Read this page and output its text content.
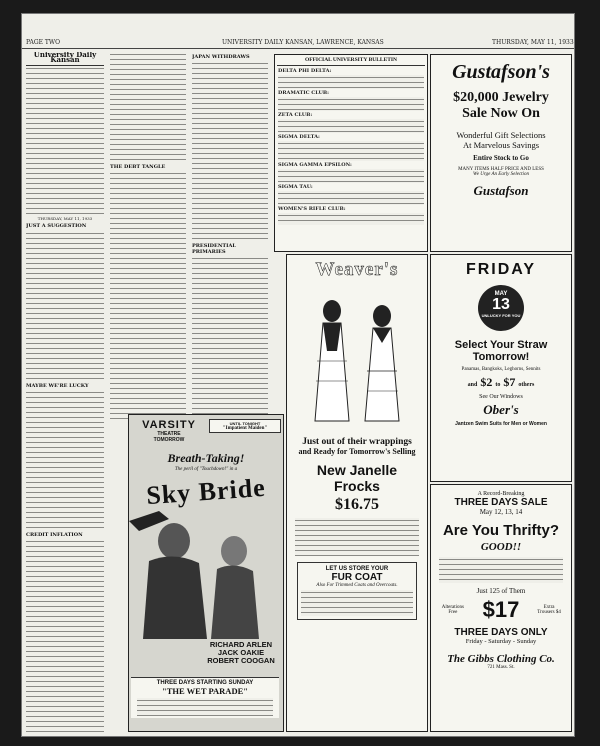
PAGE TWO	UNIVERSITY DAILY KANSAN, LAWRENCE, KANSAS	THURSDAY, MAY 11, 1933
University Daily Kansan
THURSDAY, MAY 11, 1933
JUST A SUGGESTION
MAYBE WE'RE LUCKY
CREDIT INFLATION
THE DEBT TANGLE
JAPAN WITHDRAWS
PRESIDENTIAL PRIMARIES
OFFICIAL UNIVERSITY BULLETIN
DELTA PHI DELTA:
DRAMATIC CLUB:
ZETA CLUB:
SIGMA DELTA:
SIGMA GAMMA EPSILON:
SIGMA TAU:
WOMEN'S RIFLE CLUB:
Gustafson's
$20,000 Jewelry
Sale Now On
Wonderful Gift Selections
At Marvelous Savings
Entire Stock to Go
MANY ITEMS HALF PRICE AND LESS
We Urge An Early Selection
Gustafson
Weaver's
Just out of their wrappings
and Ready for Tomorrow's Selling
New Janelle
Frocks
$16.75
LET US STORE YOUR
FUR COAT
Also For Trimmed Coats and Overcoats.
FRIDAY
MAY
13
UNLUCKY FOR YOU
Select Your Straw
Tomorrow!
Panamas, Bangkoks, Leghorns, Sennits
and $2 to $7 others
See Our Windows
Ober's
Jantzen Swim Suits for Men or Women
VARSITY
THEATRE
TOMORROW
UNTIL TONIGHT
"Impatient Maiden"
Breath-Taking!
The peril of "Touchdown!" in a
Sky Bride
RICHARD ARLEN
JACK OAKIE
ROBERT COOGAN
THREE DAYS STARTING SUNDAY
"THE WET PARADE"
A Record-Breaking
THREE DAYS SALE
May 12, 13, 14
Are You Thrifty?
GOOD!!
Just 125 of Them
Alterations Free	$17	Extra Trousers $4
THREE DAYS ONLY
Friday - Saturday - Sunday
The Gibbs Clothing Co.
721 Mass. St.
